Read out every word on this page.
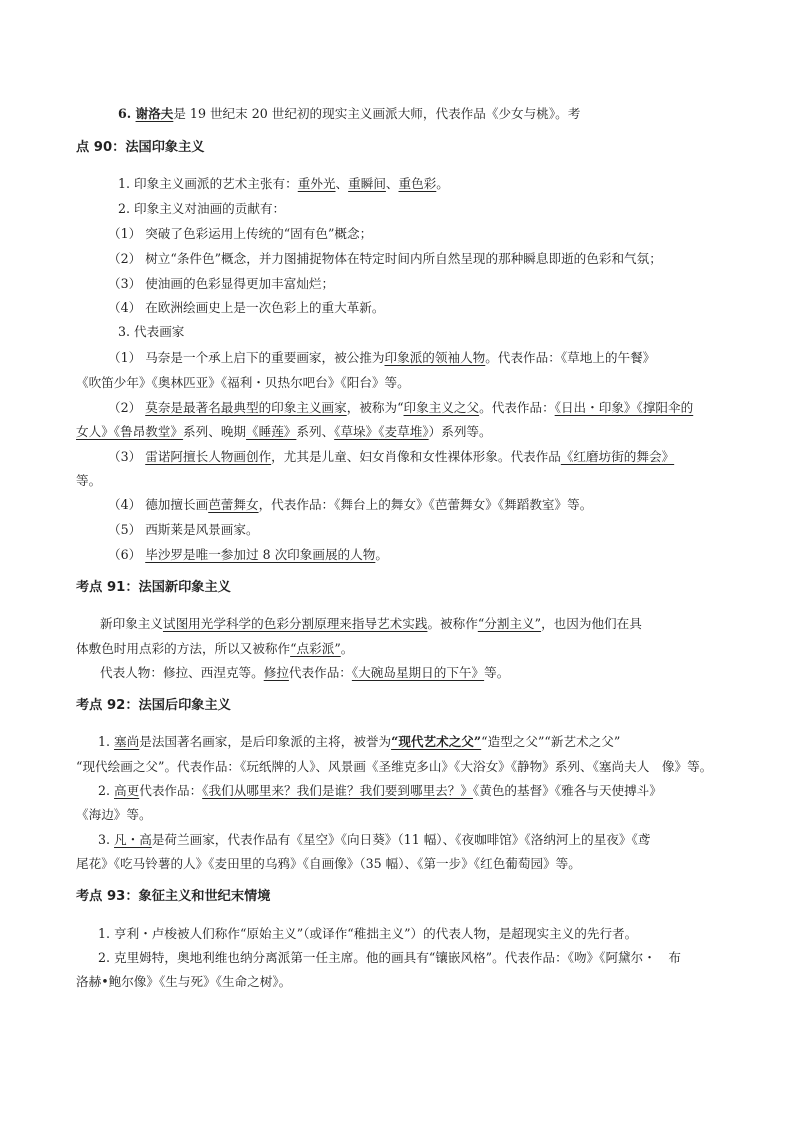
6. 谢洛夫是 19 世纪末 20 世纪初的现实主义画派大师，代表作品《少女与桃》。考
点 90：法国印象主义
1. 印象主义画派的艺术主张有：重外光、重瞬间、重色彩。
2. 印象主义对油画的贡献有：
（1） 突破了色彩运用上传统的“固有色”概念；
（2） 树立“条件色”概念，并力图捕捉物体在特定时间内所自然呈现的那种瞬息即逝的色彩和气氛；
（3） 使油画的色彩显得更加丰富灿烂；
（4） 在欧洲绘画史上是一次色彩上的重大革新。
3. 代表画家
（1） 马奈是一个承上启下的重要画家，被公推为印象派的领袖人物。代表作品：《草地上的午餐》
《吹笛少年》《奥林匹亚》《福利・贝热尔吧台》《阳台》等。
（2） 莫奈是最著名最典型的印象主义画家，被称为“印象主义之父。代表作品：《日出・印象》《撑阳伞的
女人》《鲁昂教堂》系列、晚期《睡莲》系列、《草垛》《麦草堆》）系列等。
（3） 雷诺阿擅长人物画创作，尤其是儿童、妇女肖像和女性裸体形象。代表作品《红磨坊街的舞会》
等。
（4） 德加擅长画芭蕾舞女，代表作品：《舞台上的舞女》《芭蕾舞女》《舞蹈教室》等。
（5） 西斯莱是风景画家。
（6） 毕沙罗是唯一参加过 8 次印象画展的人物。
考点 91：法国新印象主义
新印象主义试图用光学科学的色彩分割原理来指导艺术实践。被称作“分割主义”，也因为他们在具
体敷色时用点彩的方法，所以又被称作“点彩派”。
代表人物：修拉、西涅克等。修拉代表作品：《大碗岛星期日的下午》等。
考点 92：法国后印象主义
1. 塞尚是法国著名画家，是后印象派的主将，被誉为“现代艺术之父”“造型之父”“新艺术之父”
“现代绘画之父”。代表作品：《玩纸牌的人》、风景画《圣维克多山》《大浴女》《静物》系列、《塞尚夫人　像》等。
2. 高更代表作品：《我们从哪里来？我们是谁？我们要到哪里去？》《黄色的基督》《雅各与天使搏斗》
《海边》等。
3. 凡・高是荷兰画家，代表作品有《星空》《向日葵》（11 幅）、《夜咖啡馆》《洛纳河上的星夜》《鸢
尾花》《吃马铃薯的人》《麦田里的乌鸦》《自画像》（35 幅）、《第一步》《红色葡萄园》等。
考点 93：象征主义和世纪末情境
1. 亨利・卢梭被人们称作“原始主义”（或译作“稚拙主义”）的代表人物，是超现实主义的先行者。
2. 克里姆特，奥地利维也纳分离派第一任主席。他的画具有“镶嵌风格”。代表作品：《吻》《阿黛尔・　布
洛赫•鲍尔像》《生与死》《生命之树》。
